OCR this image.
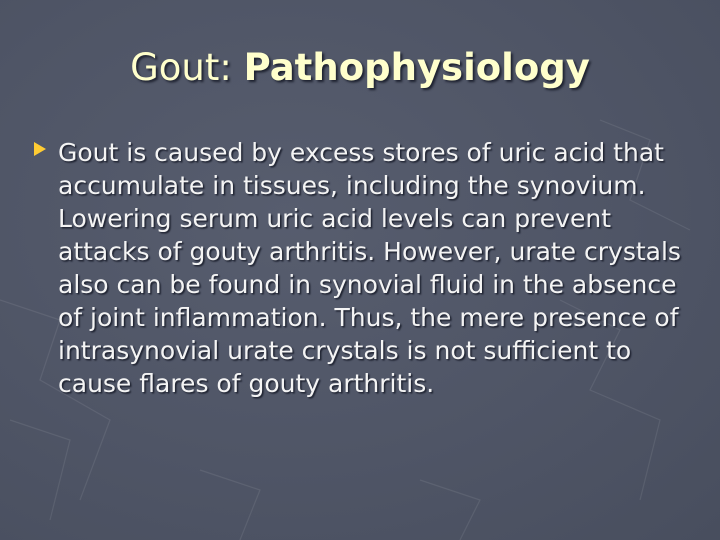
Gout: Pathophysiology
Gout is caused by excess stores of uric acid that accumulate in tissues, including the synovium. Lowering serum uric acid levels can prevent attacks of gouty arthritis. However, urate crystals also can be found in synovial fluid in the absence of joint inflammation. Thus, the mere presence of intrasynovial urate crystals is not sufficient to cause flares of gouty arthritis.
